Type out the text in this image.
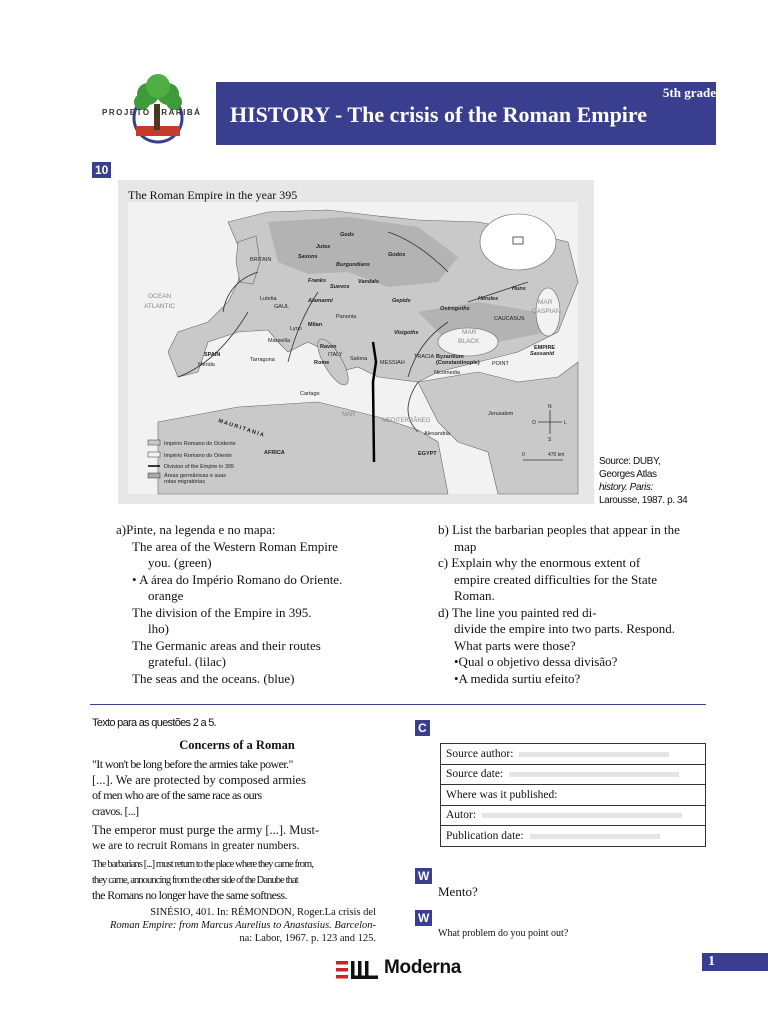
PROJETO ARARIBÁ
5th grade
HISTORY - The crisis of the Roman Empire
10
The Roman Empire in the year 395
Gods
Jutes
Saxons	Godos
Burgundians
Franks
Suevos
Vandals
Alamanni	Gepids
Huns
Herules
Ostrogoths
Visigoths
BRITAIN
Lutetia
GAUL
OCEAN
ATLANTIC
Panonia
Lyon
Milan
Marseilla
Raven
ITALY
Rome
Salona
SPAIN
Mérida
Tarragona
Cartago
M A U R I T A N I A
AFRICA
MESSIAH
TRACIA Byzantium
(Constantinople)
Nicomedia
POINT
MAR
CASPIAN
CAUCASUS
MAR
BLACK
EMPIRE
Sassanid
MEDITERRÂNEO
MAR	Jerusalem
Alexandria
EGYPT
N
S
L
O
0	470 km
Império Romano do Ocidente
Império Romano do Oriente
Division of the Empire in 395
Áreas germânicas e suas
rotas migratórias
Source: DUBY,
Georges Atlas
history. Paris:
Larousse, 1987. p. 34
a)Pinte, na legenda e no mapa:
The area of the Western Roman Empire
you. (green)
• A área do Império Romano do Oriente.
orange
The division of the Empire in 395.
lho)
The Germanic areas and their routes
grateful. (lilac)
The seas and the oceans. (blue)
b) List the barbarian peoples that appear in the
map
c) Explain why the enormous extent of
empire created difficulties for the State
Roman.
d) The line you painted red di-
divide the empire into two parts. Respond.
What parts were those?
•Qual o objetivo dessa divisão?
•A medida surtiu efeito?
Texto para as questões 2 a 5.
Concerns of a Roman
"It won't be long before the armies take power."
[...]. We are protected by composed armies
of men who are of the same race as ours
cravos. [...]
The emperor must purge the army [...]. Must-
we are to recruit Romans in greater numbers.
The barbarians [...] must return to the place where they came from,
they came, announcing from the other side of the Danube that
the Romans no longer have the same softness.
SINÉSIO, 401. In: RÉMONDON, Roger.La crisis del
Roman Empire: from Marcus Aurelius to Anastasius. Barcelon-
na: Labor, 1967. p. 123 and 125.
C
Source author:
Source date:
Where was it published:
Autor:
Publication date:
W
Mento?
W
What problem do you point out?
Moderna	1
